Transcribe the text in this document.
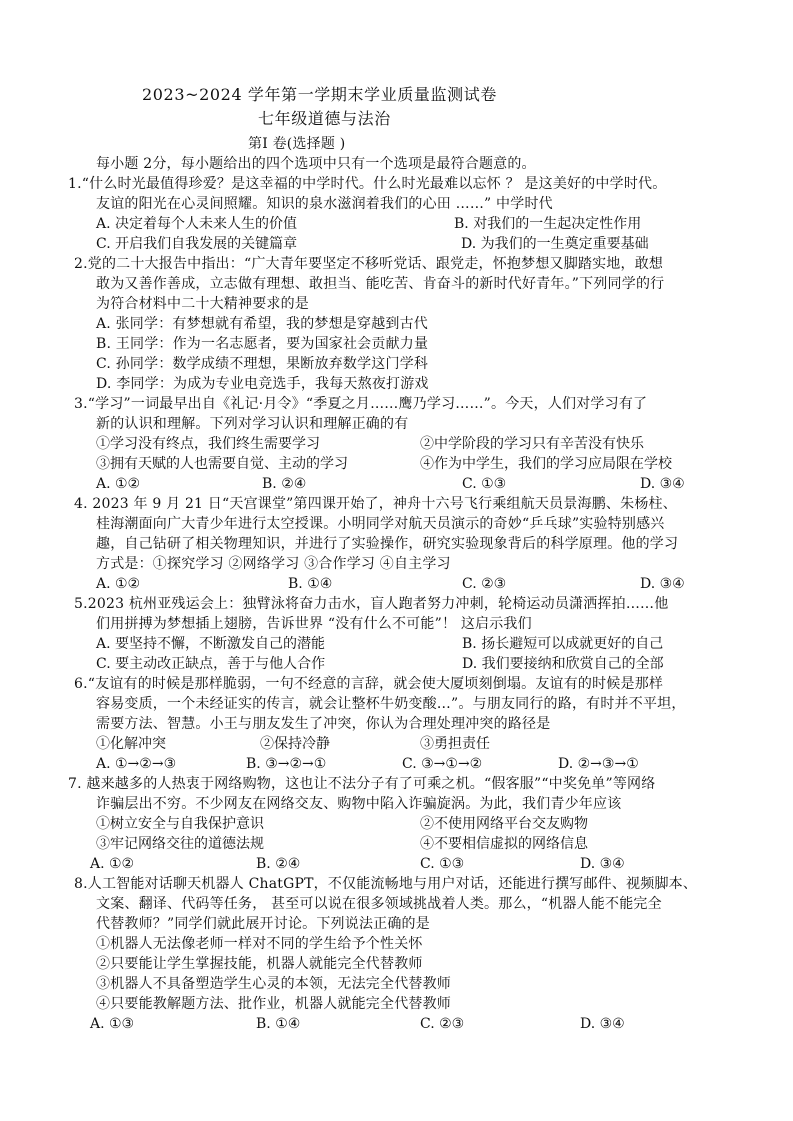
2023~2024 学年第一学期末学业质量监测试卷
七年级道德与法治
第Ⅰ 卷(选择题 )
每小题 2分，每小题给出的四个选项中只有一个选项是最符合题意的。
1.“什么时光最值得珍爱？是这幸福的中学时代。什么时光最难以忘怀 ？ 是这美好的中学时代。
友谊的阳光在心灵间照耀。知识的泉水滋润着我们的心田 ……” 中学时代
A. 决定着每个人未来人生的价值	B. 对我们的一生起决定性作用
C. 开启我们自我发展的关键篇章	D. 为我们的一生奠定重要基础
2.党的二十大报告中指出：“广大青年要坚定不移听党话、跟党走，怀抱梦想又脚踏实地，敢想
敢为又善作善成，立志做有理想、敢担当、能吃苦、肯奋斗的新时代好青年。”下列同学的行
为符合材料中二十大精神要求的是
A. 张同学：有梦想就有希望，我的梦想是穿越到古代
B. 王同学：作为一名志愿者，要为国家社会贡献力量
C. 孙同学：数学成绩不理想，果断放弃数学这门学科
D. 李同学：为成为专业电竞选手，我每天熬夜打游戏
3.“学习”一词最早出自《礼记·月令》“季夏之月……鹰乃学习……”。今天，人们对学习有了
新的认识和理解。下列对学习认识和理解正确的有
①学习没有终点，我们终生需要学习	②中学阶段的学习只有辛苦没有快乐
③拥有天赋的人也需要自觉、主动的学习	④作为中学生，我们的学习应局限在学校
A. ①②	B. ②④	C. ①③	D. ③④
4. 2023 年 9 月 21 日“天宫课堂”第四课开始了，神舟十六号飞行乘组航天员景海鹏、朱杨柱、
桂海潮面向广大青少年进行太空授课。小明同学对航天员演示的奇妙“乒乓球”实验特别感兴
趣，自己钻研了相关物理知识，并进行了实验操作，研究实验现象背后的科学原理。他的学习
方式是：①探究学习 ②网络学习 ③合作学习 ④自主学习
A. ①②	B. ①④	C. ②③	D. ③④
5.2023 杭州亚残运会上：独臂泳将奋力击水，盲人跑者努力冲刺，轮椅运动员潇洒挥拍……他
们用拼搏为梦想插上翅膀，告诉世界 “没有什么不可能”！ 这启示我们
A. 要坚持不懈，不断激发自己的潜能	B. 扬长避短可以成就更好的自己
C. 要主动改正缺点，善于与他人合作	D. 我们要接纳和欣赏自己的全部
6.“友谊有的时候是那样脆弱，一句不经意的言辞，就会使大厦顷刻倒塌。友谊有的时候是那样
容易变质，一个未经证实的传言，就会让整杯牛奶变酸…”。与朋友同行的路，有时并不平坦，
需要方法、智慧。小王与朋友发生了冲突，你认为合理处理冲突的路径是
①化解冲突	②保持冷静	③勇担责任
A. ①→②→③	B. ③→②→①	C. ③→①→②	D. ②→③→①
7. 越来越多的人热衷于网络购物，这也让不法分子有了可乘之机。“假客服”“中奖免单”等网络
诈骗层出不穷。不少网友在网络交友、购物中陷入诈骗旋涡。为此，我们青少年应该
①树立安全与自我保护意识	②不使用网络平台交友购物
③牢记网络交往的道德法规	④不要相信虚拟的网络信息
A. ①②	B. ②④	C. ①③	D. ③④
8.人工智能对话聊天机器人 ChatGPT，不仅能流畅地与用户对话，还能进行撰写邮件、视频脚本、
文案、翻译、代码等任务， 甚至可以说在很多领域挑战着人类。那么，“机器人能不能完全
代替教师？”同学们就此展开讨论。下列说法正确的是
①机器人无法像老师一样对不同的学生给予个性关怀
②只要能让学生掌握技能，机器人就能完全代替教师
③机器人不具备塑造学生心灵的本领，无法完全代替教师
④只要能教解题方法、批作业，机器人就能完全代替教师
A. ①③	B. ①④	C. ②③	D. ③④
